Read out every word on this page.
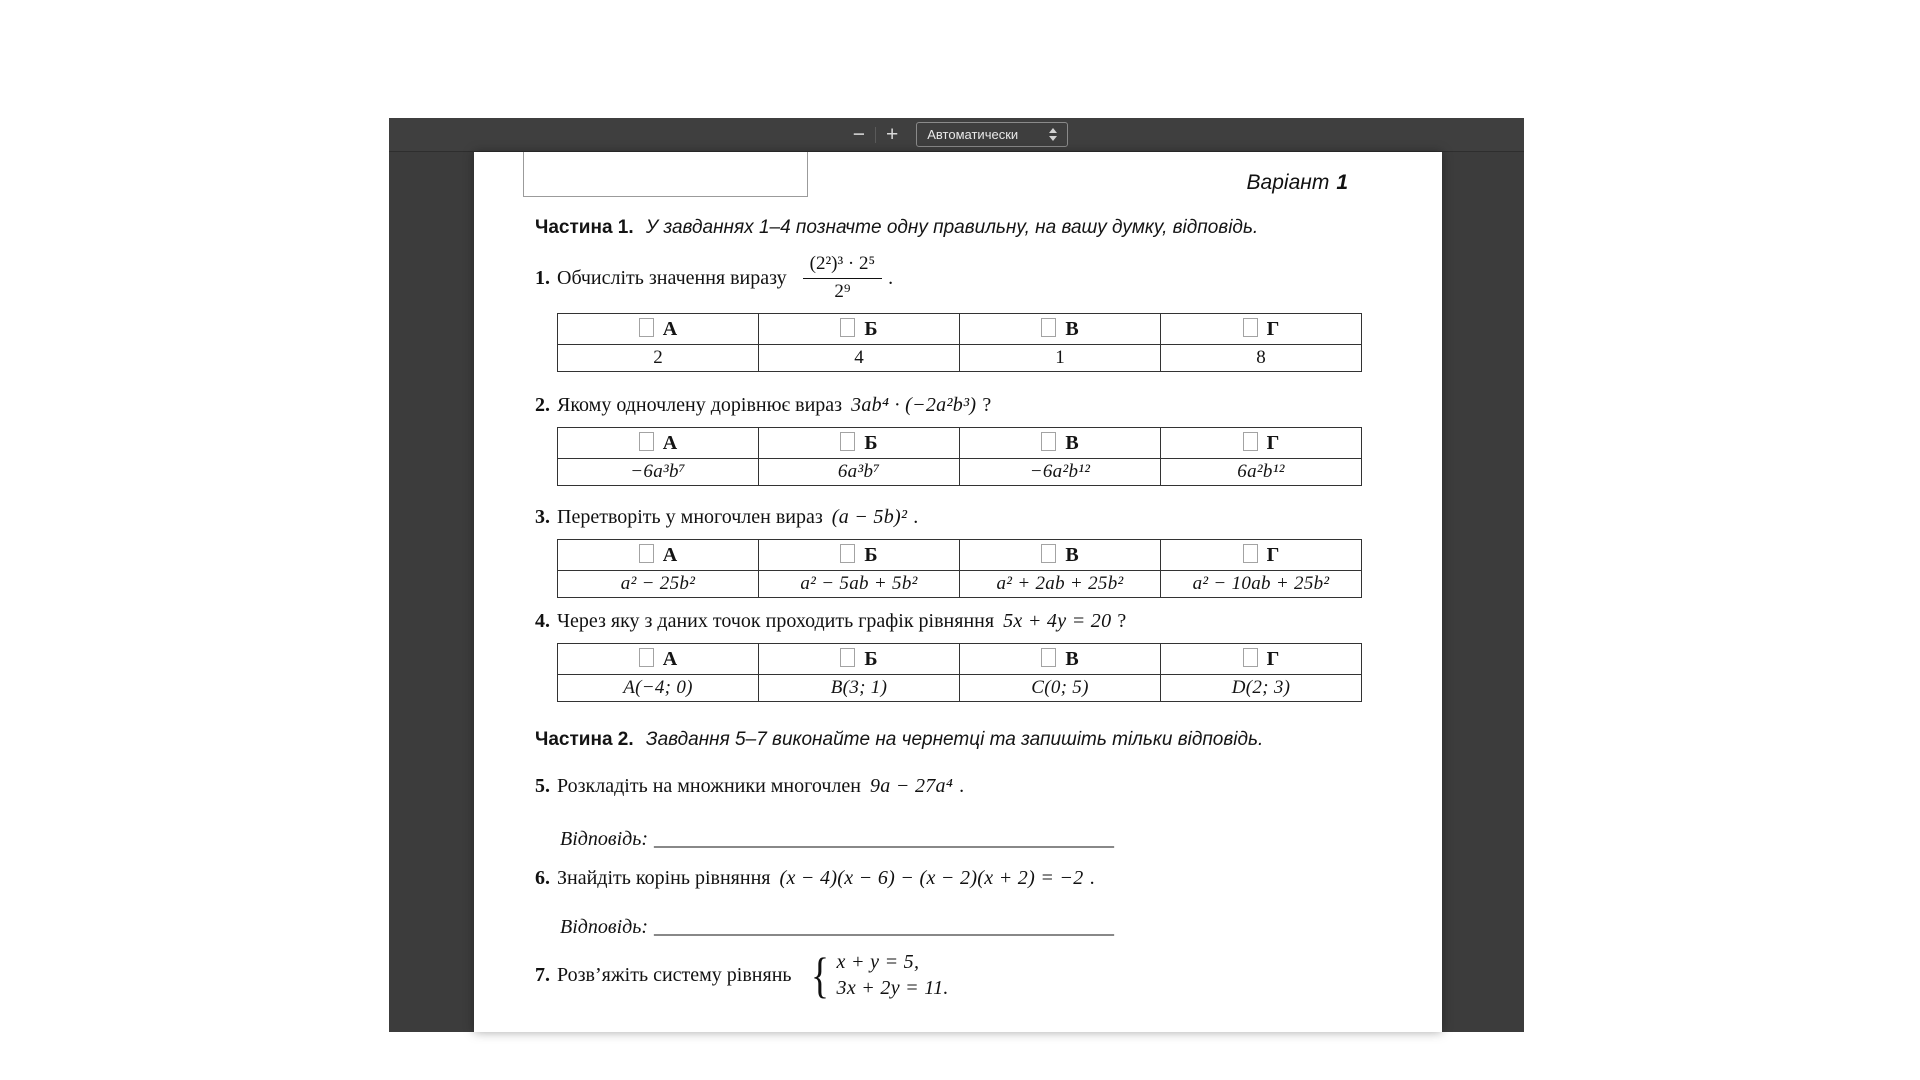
−	+	Автоматически
Варіант 1
Частина 1. У завданнях 1–4 позначте одну правильну, на вашу думку, відповідь.
1. Обчисліть значення виразу $\frac{\text{(2²)³ · 2⁵}}{\text{2⁹}}$ .
А	Б	В	Г
2	4	1	8
2. Якому одночлену дорівнює вираз 3ab⁴ · (−2a²b³) ?
А	Б	В	Г
−6a³b⁷	6a³b⁷	−6a²b¹²	6a²b¹²
3. Перетворіть у многочлен вираз (a − 5b)² .
А	Б	В	Г
a² − 25b²	a² − 5ab + 5b²	a² + 2ab + 25b²	a² − 10ab + 25b²
4. Через яку з даних точок проходить графік рівняння 5x + 4y = 20 ?
А	Б	В	Г
A(−4; 0)	B(3; 1)	C(0; 5)	D(2; 3)
Частина 2. Завдання 5–7 виконайте на чернетці та запишіть тільки відповідь.
5. Розкладіть на множники многочлен 9a − 27a⁴ .
Відповідь: ______________________________________________
6. Знайдіть корінь рівняння (x − 4)(x − 6) − (x − 2)(x + 2) = −2 .
Відповідь: ______________________________________________
7. Розв’яжіть систему рівнянь { x + y = 5,
3x + 2y = 11.
